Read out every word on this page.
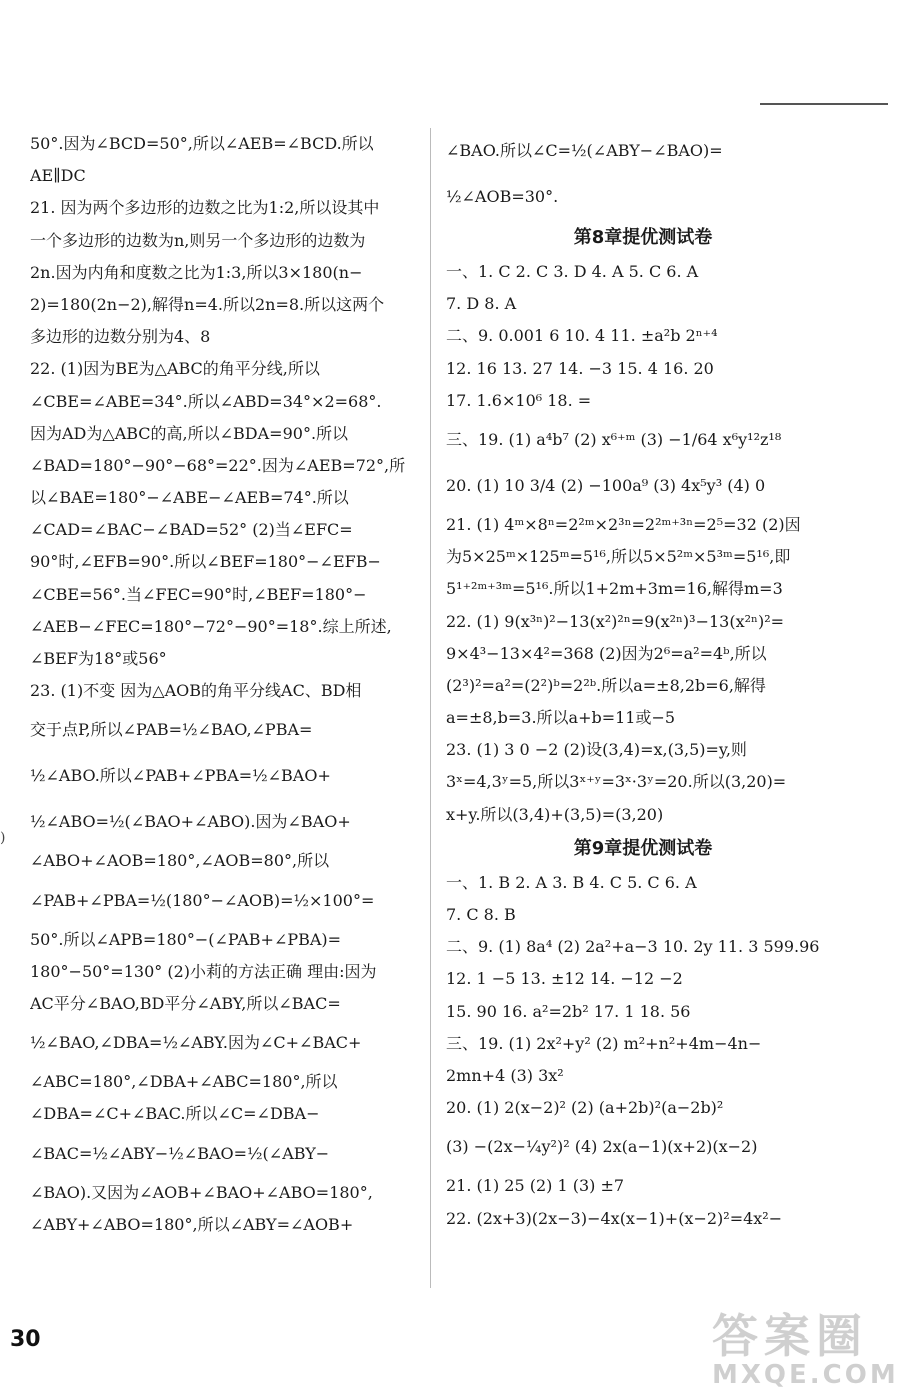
)
50°.因为∠BCD=50°,所以∠AEB=∠BCD.所以
AE∥DC
21. 因为两个多边形的边数之比为1:2,所以设其中
一个多边形的边数为n,则另一个多边形的边数为
2n.因为内角和度数之比为1:3,所以3×180(n−
2)=180(2n−2),解得n=4.所以2n=8.所以这两个
多边形的边数分别为4、8
22. (1)因为BE为△ABC的角平分线,所以
∠CBE=∠ABE=34°.所以∠ABD=34°×2=68°.
因为AD为△ABC的高,所以∠BDA=90°.所以
∠BAD=180°−90°−68°=22°.因为∠AEB=72°,所
以∠BAE=180°−∠ABE−∠AEB=74°.所以
∠CAD=∠BAC−∠BAD=52° (2)当∠EFC=
90°时,∠EFB=90°.所以∠BEF=180°−∠EFB−
∠CBE=56°.当∠FEC=90°时,∠BEF=180°−
∠AEB−∠FEC=180°−72°−90°=18°.综上所述,
∠BEF为18°或56°
23. (1)不变 因为△AOB的角平分线AC、BD相
交于点P,所以∠PAB=½∠BAO,∠PBA=
½∠ABO.所以∠PAB+∠PBA=½∠BAO+
½∠ABO=½(∠BAO+∠ABO).因为∠BAO+
∠ABO+∠AOB=180°,∠AOB=80°,所以
∠PAB+∠PBA=½(180°−∠AOB)=½×100°=
50°.所以∠APB=180°−(∠PAB+∠PBA)=
180°−50°=130° (2)小莉的方法正确 理由:因为
AC平分∠BAO,BD平分∠ABY,所以∠BAC=
½∠BAO,∠DBA=½∠ABY.因为∠C+∠BAC+
∠ABC=180°,∠DBA+∠ABC=180°,所以
∠DBA=∠C+∠BAC.所以∠C=∠DBA−
∠BAC=½∠ABY−½∠BAO=½(∠ABY−
∠BAO).又因为∠AOB+∠BAO+∠ABO=180°,
∠ABY+∠ABO=180°,所以∠ABY=∠AOB+
∠BAO.所以∠C=½(∠ABY−∠BAO)=
½∠AOB=30°.
第8章提优测试卷
一、1. C 2. C 3. D 4. A 5. C 6. A
7. D 8. A
二、9. 0.001 6 10. 4 11. ±a²b 2ⁿ⁺⁴
12. 16 13. 27 14. −3 15. 4 16. 20
17. 1.6×10⁶ 18. =
三、19. (1) a⁴b⁷ (2) x⁶⁺ᵐ (3) −1/64 x⁶y¹²z¹⁸
20. (1) 10 3/4 (2) −100a⁹ (3) 4x⁵y³ (4) 0
21. (1) 4ᵐ×8ⁿ=2²ᵐ×2³ⁿ=2²ᵐ⁺³ⁿ=2⁵=32 (2)因
为5×25ᵐ×125ᵐ=5¹⁶,所以5×5²ᵐ×5³ᵐ=5¹⁶,即
5¹⁺²ᵐ⁺³ᵐ=5¹⁶.所以1+2m+3m=16,解得m=3
22. (1) 9(x³ⁿ)²−13(x²)²ⁿ=9(x²ⁿ)³−13(x²ⁿ)²=
9×4³−13×4²=368 (2)因为2⁶=a²=4ᵇ,所以
(2³)²=a²=(2²)ᵇ=2²ᵇ.所以a=±8,2b=6,解得
a=±8,b=3.所以a+b=11或−5
23. (1) 3 0 −2 (2)设(3,4)=x,(3,5)=y,则
3ˣ=4,3ʸ=5,所以3ˣ⁺ʸ=3ˣ·3ʸ=20.所以(3,20)=
x+y.所以(3,4)+(3,5)=(3,20)
第9章提优测试卷
一、1. B 2. A 3. B 4. C 5. C 6. A
7. C 8. B
二、9. (1) 8a⁴ (2) 2a²+a−3 10. 2y 11. 3 599.96
12. 1 −5 13. ±12 14. −12 −2
15. 90 16. a²=2b² 17. 1 18. 56
三、19. (1) 2x²+y² (2) m²+n²+4m−4n−
2mn+4 (3) 3x²
20. (1) 2(x−2)² (2) (a+2b)²(a−2b)²
(3) −(2x−¼y²)² (4) 2x(a−1)(x+2)(x−2)
21. (1) 25 (2) 1 (3) ±7
22. (2x+3)(2x−3)−4x(x−1)+(x−2)²=4x²−
30	答案圈
MXQE.COM
